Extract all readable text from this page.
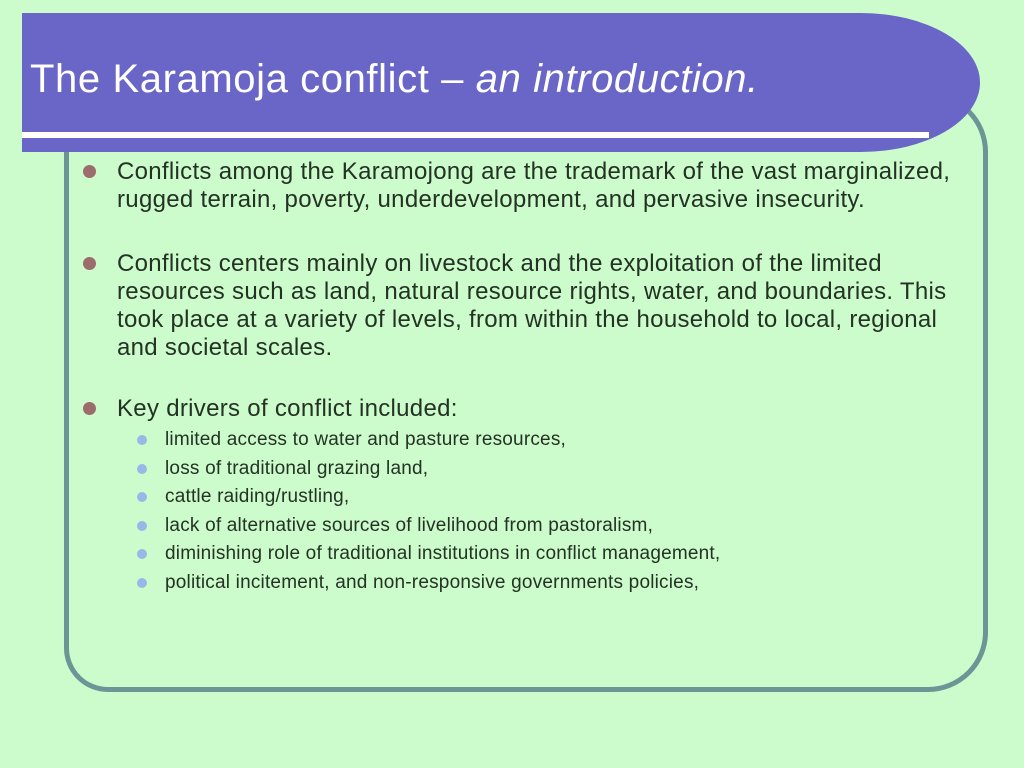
The Karamoja conflict – an introduction.
Conflicts among the Karamojong are the trademark of the vast marginalized,
rugged terrain, poverty, underdevelopment, and pervasive insecurity.
Conflicts centers mainly on livestock and the exploitation of the limited
resources such as land, natural resource rights, water, and boundaries. This
took place at a variety of levels, from within the household to local, regional
and societal scales.
Key drivers of conflict included:
limited access to water and pasture resources,
loss of traditional grazing land,
cattle raiding/rustling,
lack of alternative sources of livelihood from pastoralism,
diminishing role of traditional institutions in conflict management,
political incitement, and non-responsive governments policies,
